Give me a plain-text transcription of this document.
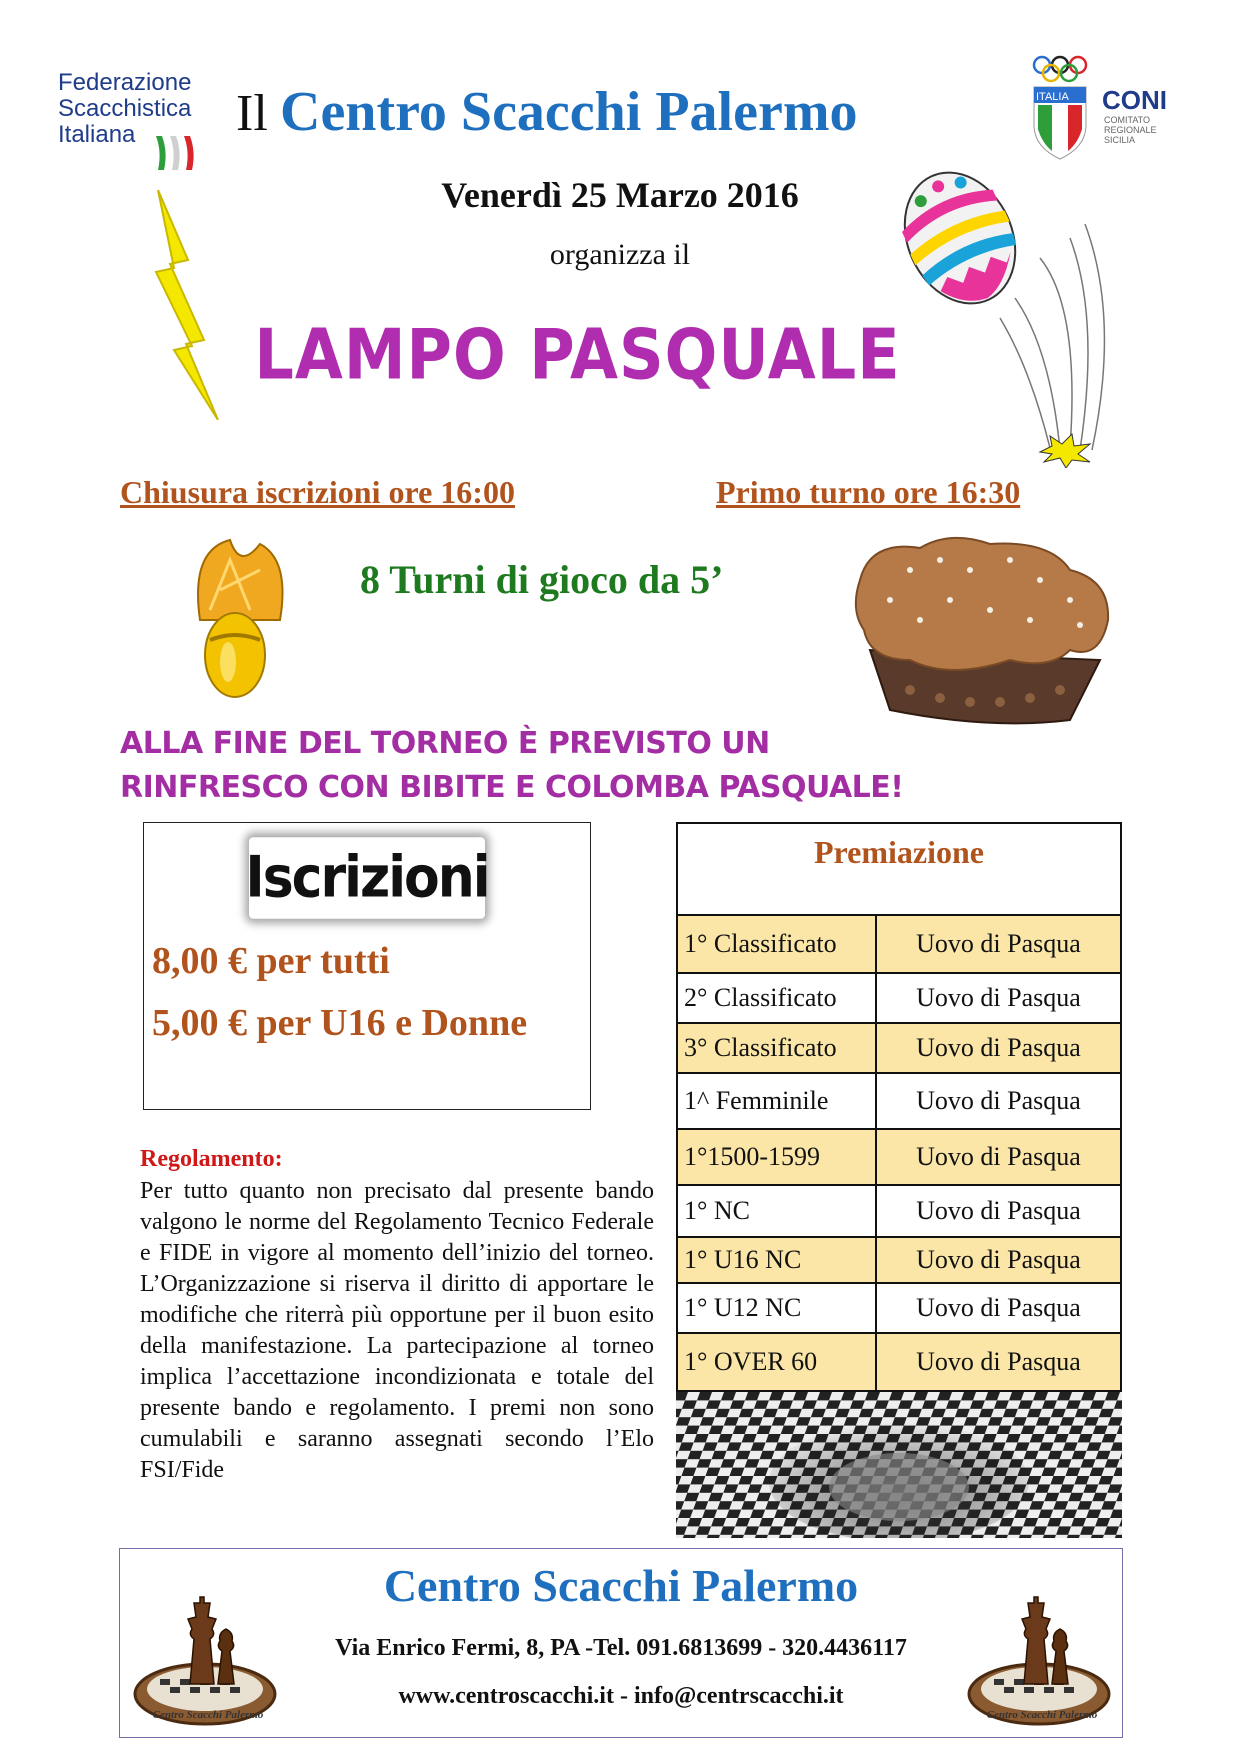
Federazione
Scacchistica
Italiana	Il Centro Scacchi Palermo	ITALIA CONI
COMITATO
REGIONALE
SICILIA
Venerdì 25 Marzo 2016
organizza il
LAMPO PASQUALE
Chiusura iscrizioni ore 16:00	Primo turno ore 16:30
8 Turni di gioco da 5’
ALLA FINE DEL TORNEO È PREVISTO UN
RINFRESCO CON BIBITE E COLOMBA PASQUALE!
Iscrizioni
8,00 € per tutti
5,00 € per U16 e Donne
Regolamento:
Per tutto quanto non precisato dal presente bando valgono le norme del Regolamento Tecnico Federale e FIDE in vigore al momento dell’inizio del torneo. L’Organizzazione si riserva il diritto di apportare le modifiche che riterrà più opportune per il buon esito della manifestazione. La partecipazione al torneo implica l’accettazione incondizionata e totale del presente bando e regolamento. I premi non sono cumulabili e saranno assegnati secondo l’Elo FSI/Fide
Premiazione	
1° Classificato	Uovo di Pasqua
2° Classificato	Uovo di Pasqua
3° Classificato	Uovo di Pasqua
1^ Femminile	Uovo di Pasqua
1°1500-1599	Uovo di Pasqua
1° NC	Uovo di Pasqua
1° U16 NC	Uovo di Pasqua
1° U12 NC	Uovo di Pasqua
1° OVER 60	Uovo di Pasqua
Centro Scacchi Palermo
Via Enrico Fermi, 8, PA -Tel. 091.6813699 - 320.4436117
www.centroscacchi.it - info@centrscacchi.it
Centro Scacchi Palermo	Centro Scacchi Palermo
